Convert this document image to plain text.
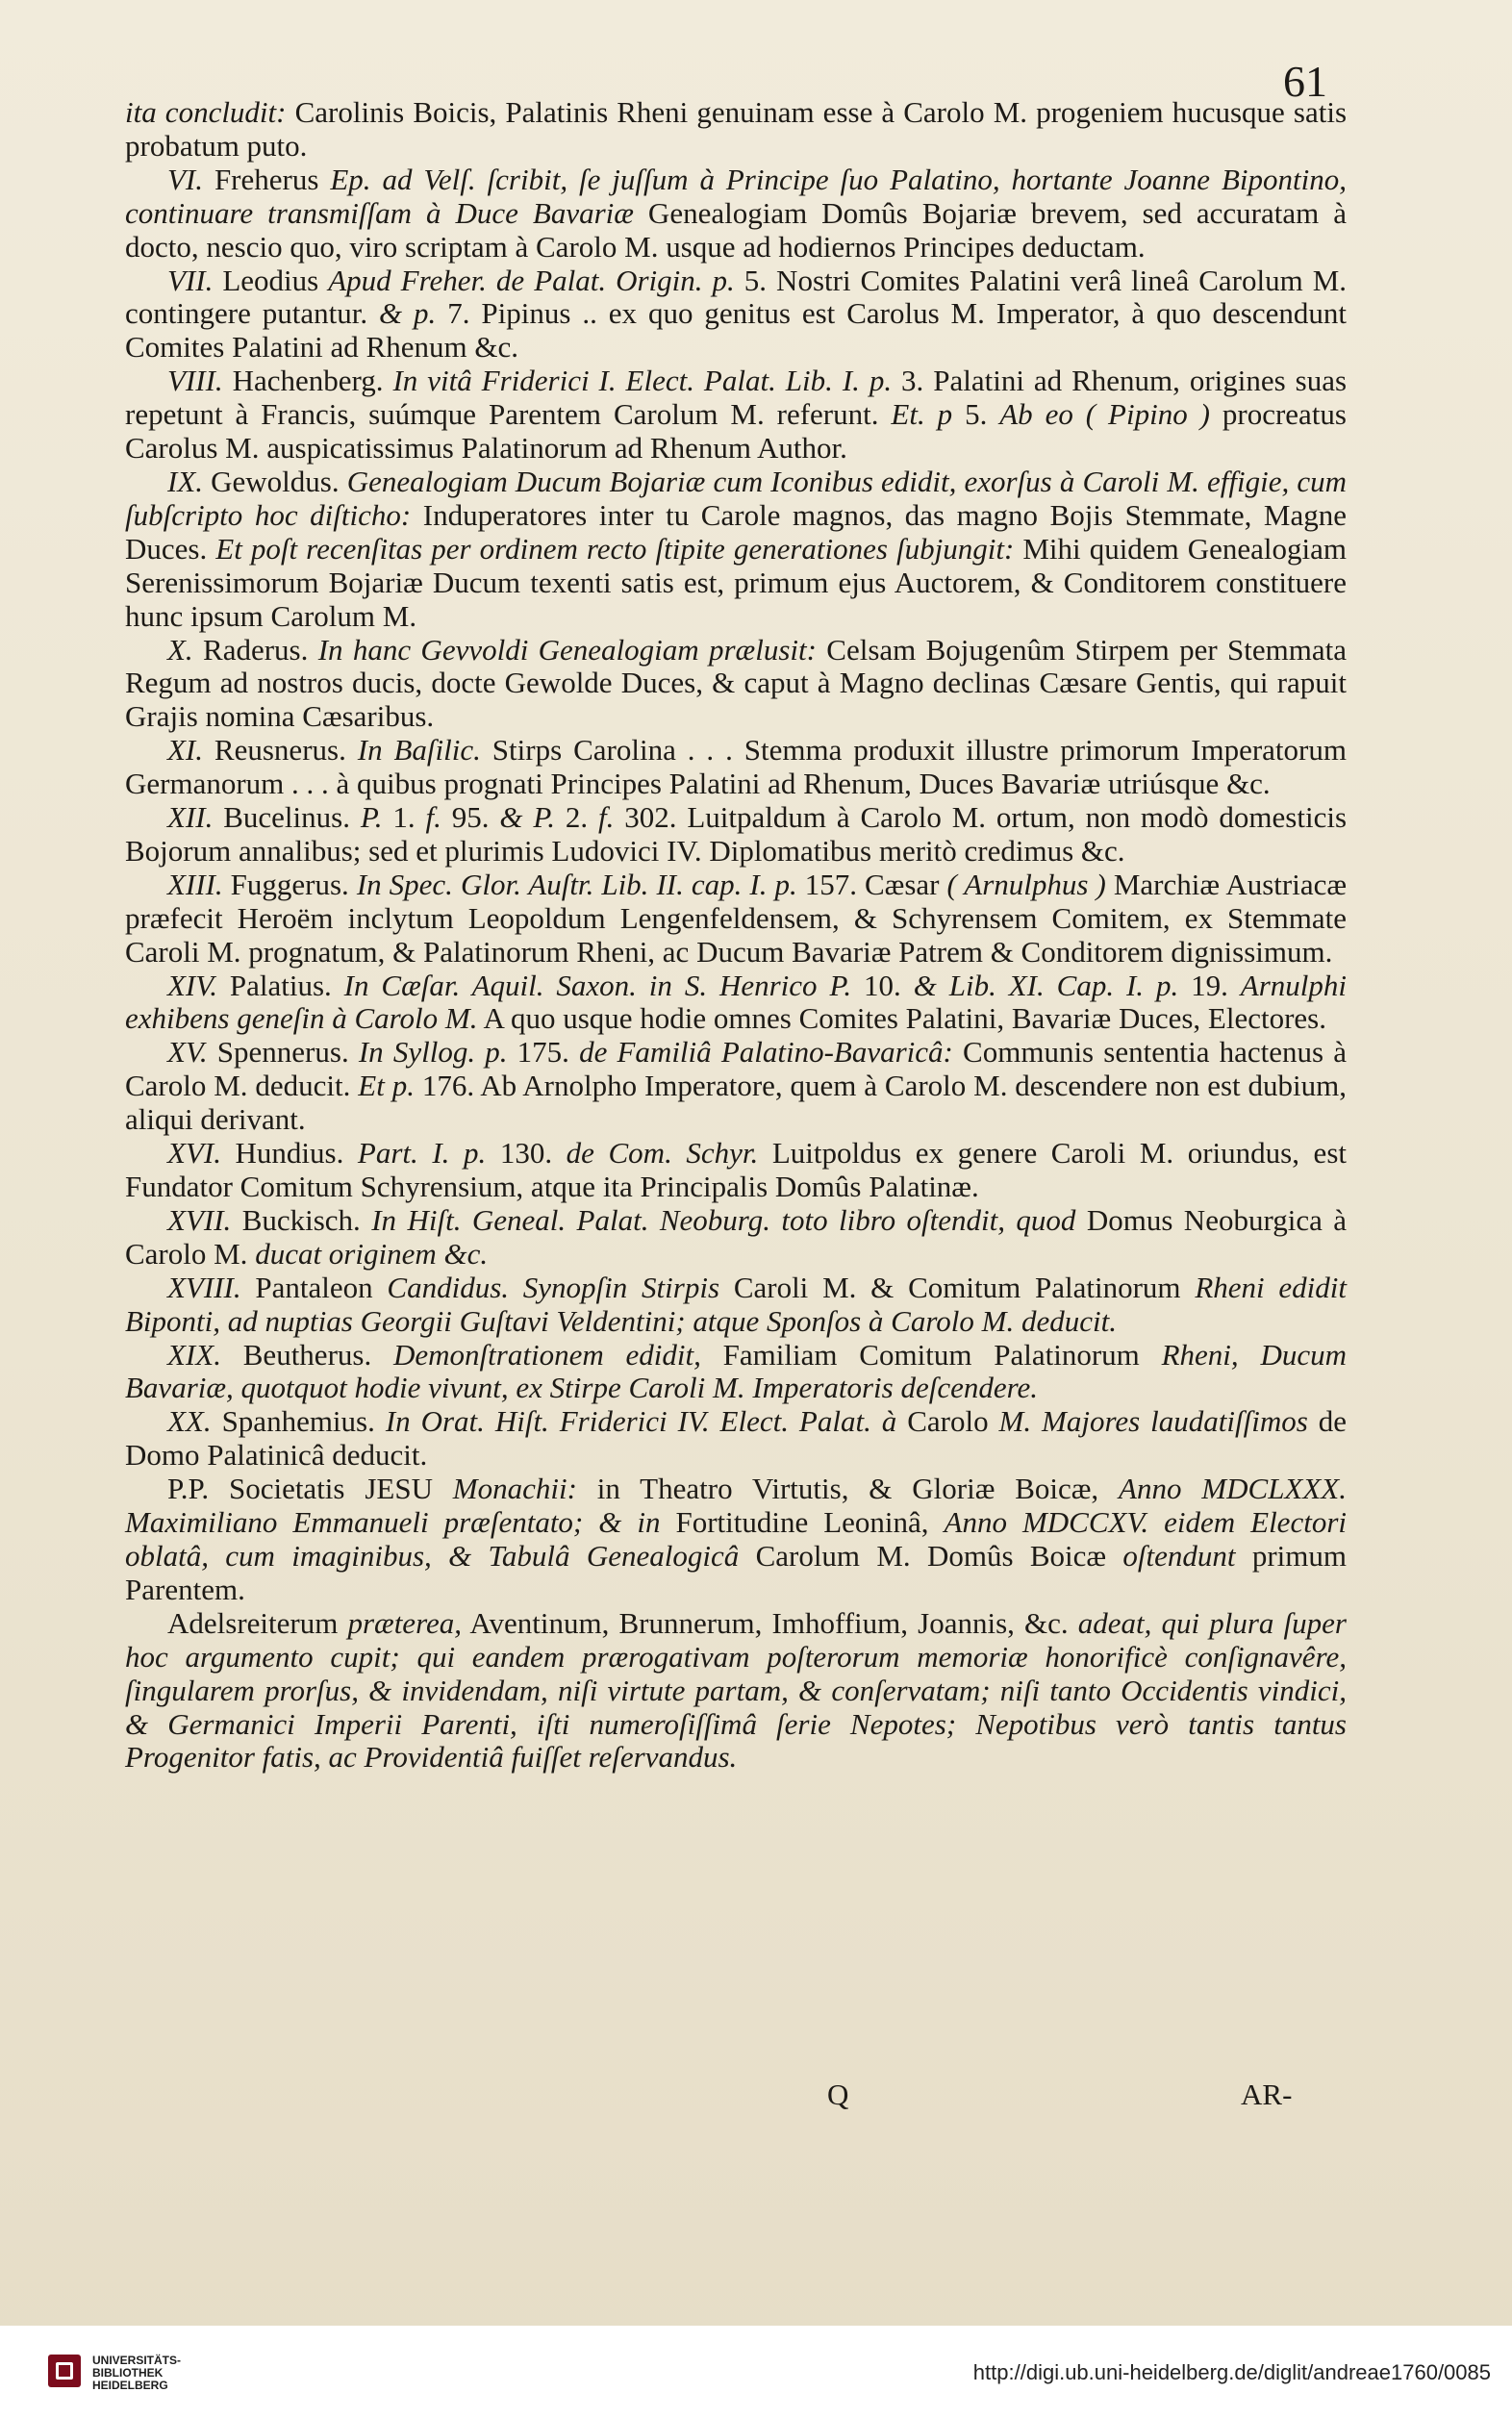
61

ita concludit: Carolinis Boicis, Palatinis Rheni genuinam esse à Carolo M. progeniem hucusque satis probatum puto.

VI. Freherus Ep. ad Velſ. ſcribit, ſe juſſum à Principe ſuo Palatino, hortante Joanne Bipontino, continuare transmiſſam à Duce Bavariæ Genealogiam Domûs Bojariæ brevem, sed accuratam à docto, nescio quo, viro scriptam à Carolo M. usque ad hodiernos Principes deductam.

VII. Leodius Apud Freher. de Palat. Origin. p. 5. Nostri Comites Palatini verâ lineâ Carolum M. contingere putantur. & p. 7. Pipinus .. ex quo genitus est Carolus M. Imperator, à quo descendunt Comites Palatini ad Rhenum &c.

VIII. Hachenberg. In vitâ Friderici I. Elect. Palat. Lib. I. p. 3. Palatini ad Rhenum, origines suas repetunt à Francis, suúmque Parentem Carolum M. referunt. Et. p 5. Ab eo ( Pipino ) procreatus Carolus M. auspicatissimus Palatinorum ad Rhenum Author.

IX. Gewoldus. Genealogiam Ducum Bojariæ cum Iconibus edidit, exorſus à Caroli M. effigie, cum ſubſcripto hoc diſticho: Induperatores inter tu Carole magnos, das magno Bojis Stemmate, Magne Duces. Et poſt recenſitas per ordinem recto ſtipite generationes ſubjungit: Mihi quidem Genealogiam Serenissimorum Bojariæ Ducum texenti satis est, primum ejus Auctorem, & Conditorem constituere hunc ipsum Carolum M.

X. Raderus. In hanc Gevvoldi Genealogiam prælusit: Celsam Bojugenûm Stirpem per Stemmata Regum ad nostros ducis, docte Gewolde Duces, & caput à Magno declinas Cæsare Gentis, qui rapuit Grajis nomina Cæsaribus.

XI. Reusnerus. In Baſilic. Stirps Carolina . . . Stemma produxit illustre primorum Imperatorum Germanorum . . . à quibus prognati Principes Palatini ad Rhenum, Duces Bavariæ utriúsque &c.

XII. Bucelinus. P. 1. f. 95. & P. 2. f. 302. Luitpaldum à Carolo M. ortum, non modò domesticis Bojorum annalibus; sed et plurimis Ludovici IV. Diplomatibus meritò credimus &c.

XIII. Fuggerus. In Spec. Glor. Auſtr. Lib. II. cap. I. p. 157. Cæsar ( Arnulphus ) Marchiæ Austriacæ præfecit Heroëm inclytum Leopoldum Lengenfeldensem, & Schyrensem Comitem, ex Stemmate Caroli M. prognatum, & Palatinorum Rheni, ac Ducum Bavariæ Patrem & Conditorem dignissimum.

XIV. Palatius. In Cæſar. Aquil. Saxon. in S. Henrico P. 10. & Lib. XI. Cap. I. p. 19. Arnulphi exhibens geneſin à Carolo M. A quo usque hodie omnes Comites Palatini, Bavariæ Duces, Electores.

XV. Spennerus. In Syllog. p. 175. de Familiâ Palatino-Bavaricâ: Communis sententia hactenus à Carolo M. deducit. Et p. 176. Ab Arnolpho Imperatore, quem à Carolo M. descendere non est dubium, aliqui derivant.

XVI. Hundius. Part. I. p. 130. de Com. Schyr. Luitpoldus ex genere Caroli M. oriundus, est Fundator Comitum Schyrensium, atque ita Principalis Domûs Palatinæ.

XVII. Buckisch. In Hiſt. Geneal. Palat. Neoburg. toto libro oſtendit, quod Domus Neoburgica à Carolo M. ducat originem &c.

XVIII. Pantaleon Candidus. Synopſin Stirpis Caroli M. & Comitum Palatinorum Rheni edidit Biponti, ad nuptias Georgii Guſtavi Veldentini; atque Sponſos à Carolo M. deducit.

XIX. Beutherus. Demonſtrationem edidit, Familiam Comitum Palatinorum Rheni, Ducum Bavariæ, quotquot hodie vivunt, ex Stirpe Caroli M. Imperatoris deſcendere.

XX. Spanhemius. In Orat. Hiſt. Friderici IV. Elect. Palat. à Carolo M. Majores laudatiſſimos de Domo Palatinicâ deducit.

P.P. Societatis JESU Monachii: in Theatro Virtutis, & Gloriæ Boicæ, Anno MDCLXXX. Maximiliano Emmanueli præſentato; & in Fortitudine Leoninâ, Anno MDCCXV. eidem Electori oblatâ, cum imaginibus, & Tabulâ Genealogicâ Carolum M. Domûs Boicæ oſtendunt primum Parentem.

Adelsreiterum præterea, Aventinum, Brunnerum, Imhoffium, Joannis, &c. adeat, qui plura ſuper hoc argumento cupit; qui eandem prærogativam poſterorum memoriæ honorificè conſignavêre, ſingularem prorſus, & invidendam, niſi virtute partam, & conſervatam; niſi tanto Occidentis vindici, & Germanici Imperii Parenti, iſti numeroſiſſimâ ſerie Nepotes; Nepotibus verò tantis tantus Progenitor fatis, ac Providentiâ fuiſſet reſervandus.

Q	AR-
UNIVERSITÄTS-
BIBLIOTHEK
HEIDELBERG
http://digi.ub.uni-heidelberg.de/diglit/andreae1760/0085
